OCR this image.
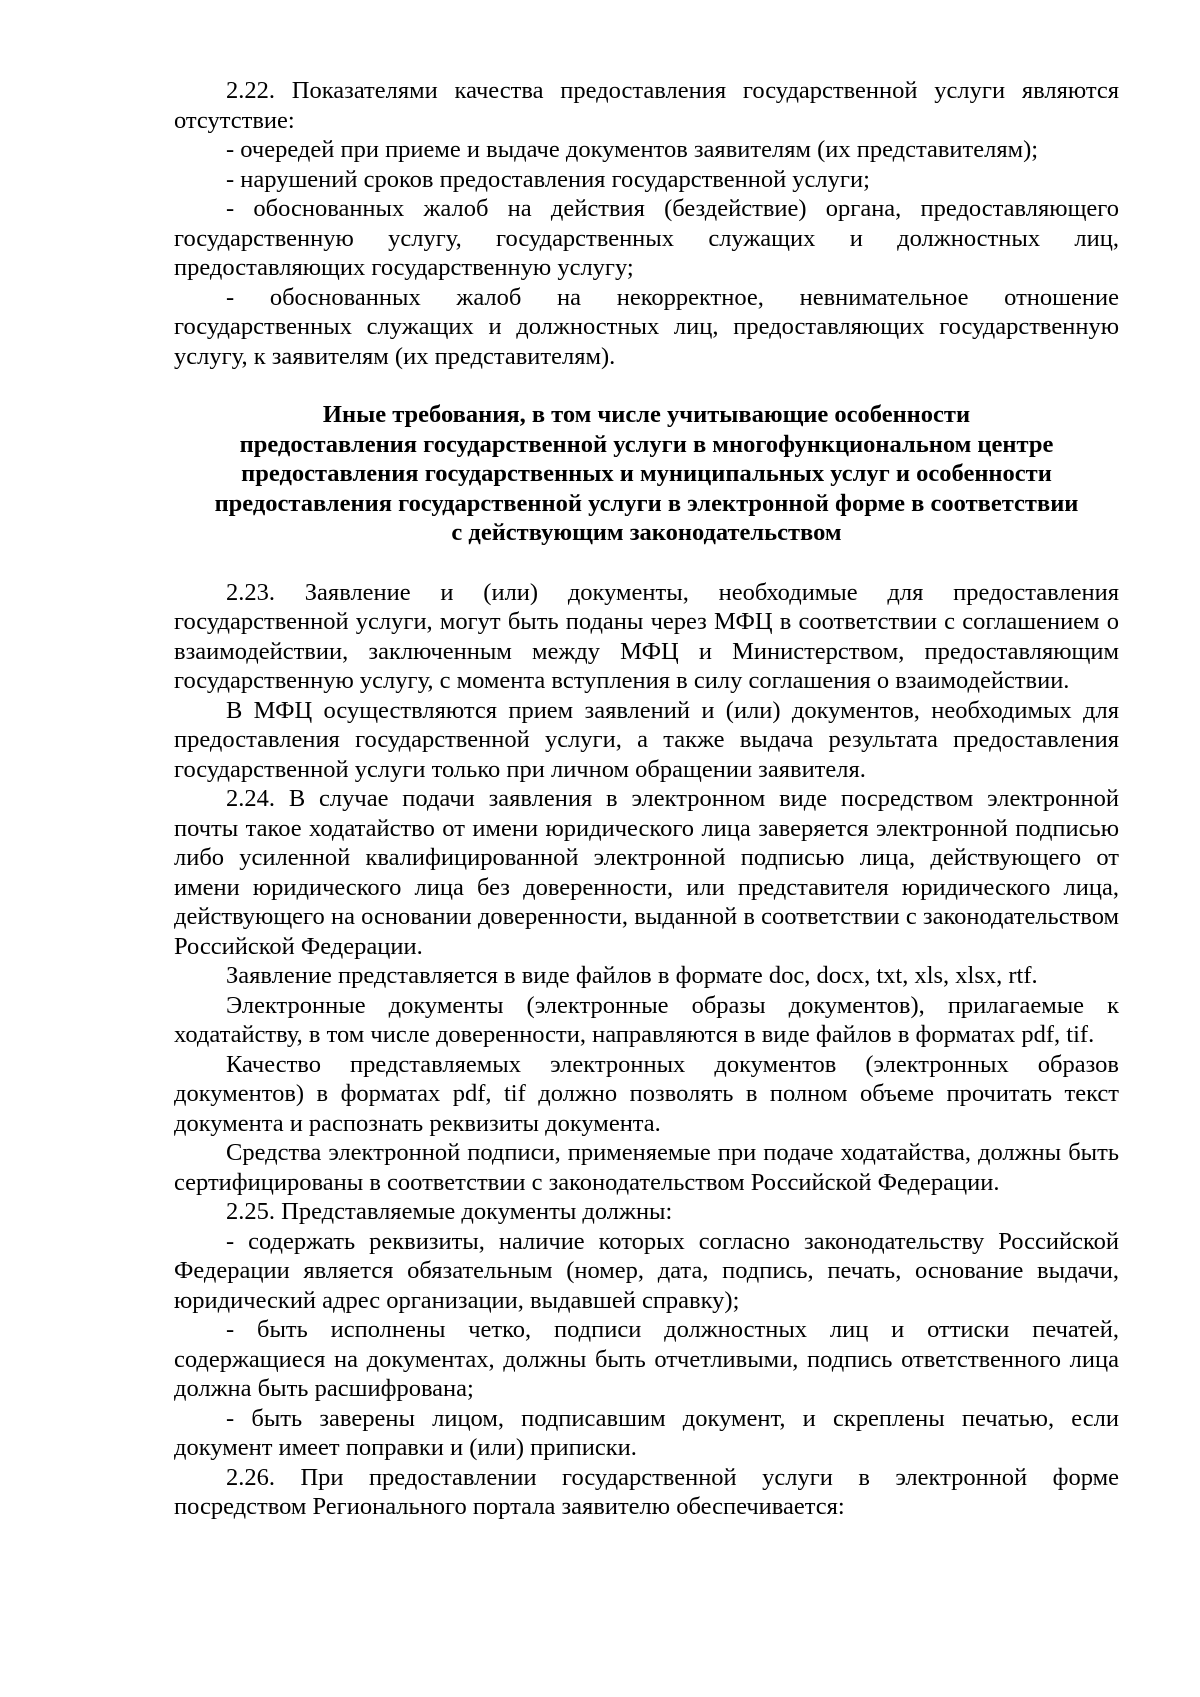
2.22. Показателями качества предоставления государственной услуги являются отсутствие:

- очередей при приеме и выдаче документов заявителям (их представителям);

- нарушений сроков предоставления государственной услуги;

- обоснованных жалоб на действия (бездействие) органа, предоставляющего государственную услугу, государственных служащих и должностных лиц, предоставляющих государственную услугу;

- обоснованных жалоб на некорректное, невнимательное отношение государственных служащих и должностных лиц, предоставляющих государственную услугу, к заявителям (их представителям).

Иные требования, в том числе учитывающие особенности
предоставления государственной услуги в многофункциональном центре
предоставления государственных и муниципальных услуг и особенности
предоставления государственной услуги в электронной форме в соответствии
с действующим законодательством

2.23. Заявление и (или) документы, необходимые для предоставления государственной услуги, могут быть поданы через МФЦ в соответствии с соглашением о взаимодействии, заключенным между МФЦ и Министерством, предоставляющим государственную услугу, с момента вступления в силу соглашения о взаимодействии.

В МФЦ осуществляются прием заявлений и (или) документов, необходимых для предоставления государственной услуги, а также выдача результата предоставления государственной услуги только при личном обращении заявителя.

2.24. В случае подачи заявления в электронном виде посредством электронной почты такое ходатайство от имени юридического лица заверяется электронной подписью либо усиленной квалифицированной электронной подписью лица, действующего от имени юридического лица без доверенности, или представителя юридического лица, действующего на основании доверенности, выданной в соответствии с законодательством Российской Федерации.

Заявление представляется в виде файлов в формате doc, docx, txt, xls, xlsx, rtf.

Электронные документы (электронные образы документов), прилагаемые к ходатайству, в том числе доверенности, направляются в виде файлов в форматах pdf, tif.

Качество представляемых электронных документов (электронных образов документов) в форматах pdf, tif должно позволять в полном объеме прочитать текст документа и распознать реквизиты документа.

Средства электронной подписи, применяемые при подаче ходатайства, должны быть сертифицированы в соответствии с законодательством Российской Федерации.

2.25. Представляемые документы должны:

- содержать реквизиты, наличие которых согласно законодательству Российской Федерации является обязательным (номер, дата, подпись, печать, основание выдачи, юридический адрес организации, выдавшей справку);

- быть исполнены четко, подписи должностных лиц и оттиски печатей, содержащиеся на документах, должны быть отчетливыми, подпись ответственного лица должна быть расшифрована;

- быть заверены лицом, подписавшим документ, и скреплены печатью, если документ имеет поправки и (или) приписки.

2.26. При предоставлении государственной услуги в электронной форме посредством Регионального портала заявителю обеспечивается:
